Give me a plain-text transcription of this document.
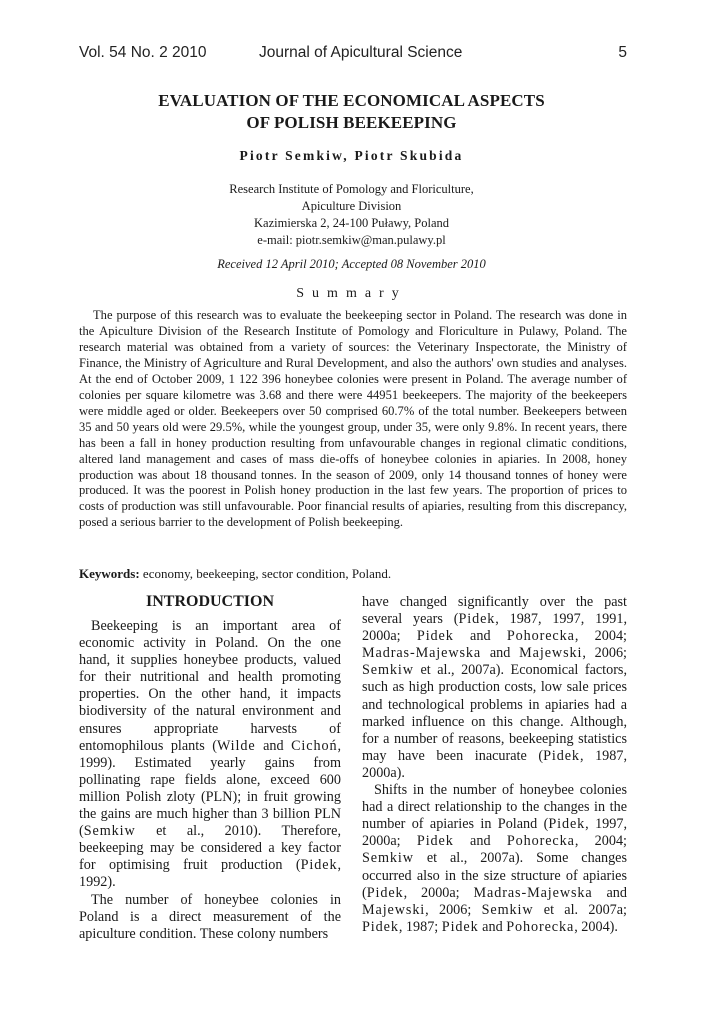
Vol. 54 No. 2 2010	Journal of Apicultural Science	5
EVALUATION OF THE ECONOMICAL ASPECTS
OF POLISH BEEKEEPING
Piotr Semkiw, Piotr Skubida
Research Institute of Pomology and Floriculture,
Apiculture Division
Kazimierska 2, 24-100 Puławy, Poland
e-mail: piotr.semkiw@man.pulawy.pl
Received 12 April 2010; Accepted 08 November 2010
Summary

The purpose of this research was to evaluate the beekeeping sector in Poland. The research was done in the Apiculture Division of the Research Institute of Pomology and Floriculture in Pulawy, Poland. The research material was obtained from a variety of sources: the Veterinary Inspectorate, the Ministry of Finance, the Ministry of Agriculture and Rural Development, and also the authors' own studies and analyses. At the end of October 2009, 1 122 396 honeybee colonies were present in Poland. The average number of colonies per square kilometre was 3.68 and there were 44951 beekeepers. The majority of the beekeepers were middle aged or older. Beekeepers over 50 comprised 60.7% of the total number. Beekeepers between 35 and 50 years old were 29.5%, while the youngest group, under 35, were only 9.8%. In recent years, there has been a fall in honey production resulting from unfavourable changes in regional climatic conditions, altered land management and cases of mass die-offs of honeybee colonies in apiaries. In 2008, honey production was about 18 thousand tonnes. In the season of 2009, only 14 thousand tonnes of honey were produced. It was the poorest in Polish honey production in the last few years. The proportion of prices to costs of production was still unfavourable. Poor financial results of apiaries, resulting from this discrepancy, posed a serious barrier to the development of Polish beekeeping.

Keywords: economy, beekeeping, sector condition, Poland.

INTRODUCTION

Beekeeping is an important area of economic activity in Poland. On the one hand, it supplies honeybee products, valued for their nutritional and health promoting properties. On the other hand, it impacts biodiversity of the natural environment and ensures appropriate harvests of entomophilous plants (Wilde and Cichoń, 1999). Estimated yearly gains from pollinating rape fields alone, exceed 600 million Polish zloty (PLN); in fruit growing the gains are much higher than 3 billion PLN (Semkiw et al., 2010). Therefore, beekeeping may be considered a key factor for optimising fruit production (Pidek, 1992).

The number of honeybee colonies in Poland is a direct measurement of the apiculture condition. These colony numbers

have changed significantly over the past several years (Pidek, 1987, 1997, 1991, 2000a; Pidek and Pohorecka, 2004; Madras-Majewska and Majewski, 2006; Semkiw et al., 2007a). Economical factors, such as high production costs, low sale prices and technological problems in apiaries had a marked influence on this change. Although, for a number of reasons, beekeeping statistics may have been inacurate (Pidek, 1987, 2000a).

Shifts in the number of honeybee colonies had a direct relationship to the changes in the number of apiaries in Poland (Pidek, 1997, 2000a; Pidek and Pohorecka, 2004; Semkiw et al., 2007a). Some changes occurred also in the size structure of apiaries (Pidek, 2000a; Madras-Majewska and Majewski, 2006; Semkiw et al. 2007a; Pidek, 1987; Pidek and Pohorecka, 2004).
